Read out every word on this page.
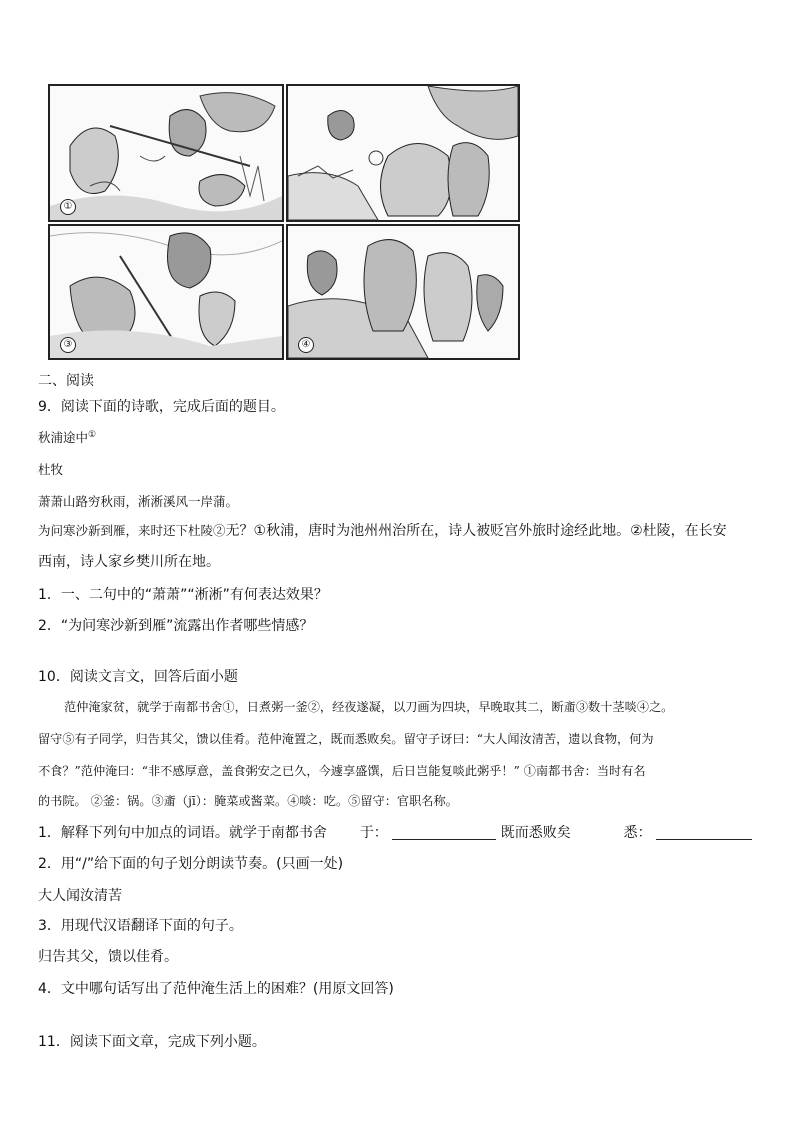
①
③	④
二、阅读
9．阅读下面的诗歌，完成后面的题目。
秋浦途中①
杜牧
萧萧山路穷秋雨，淅淅溪风一岸蒲。
为问寒沙新到雁，来时还下杜陵②无？①秋浦，唐时为池州州治所在，诗人被贬宫外旅时途经此地。②杜陵，在长安
西南，诗人家乡樊川所在地。
1．一、二句中的“萧萧”“淅淅”有何表达效果？
2．“为问寒沙新到雁”流露出作者哪些情感？
10．阅读文言文，回答后面小题
范仲淹家贫，就学于南都书舍①，日煮粥一釜②，经夜遂凝，以刀画为四块，早晚取其二，断齑③数十茎啖④之。
留守⑤有子同学，归告其父，馈以佳肴。范仲淹置之，既而悉败矣。留守子讶曰：“大人闻汝清苦，遗以食物，何为
不食？”范仲淹曰：“非不感厚意，盖食粥安之已久，今遽享盛馔，后日岂能复啖此粥乎！” ①南都书舍：当时有名
的书院。 ②釜：锅。③齑（jī）：腌菜或酱菜。④啖：吃。⑤留守：官职名称。
1．解释下列句中加点的词语。就学于南都书舍 于：	既而悉败矣	悉：
2．用“/”给下面的句子划分朗读节奏。(只画一处)
大人闻汝清苦
3．用现代汉语翻译下面的句子。
归告其父，馈以佳肴。
4．文中哪句话写出了范仲淹生活上的困难？(用原文回答)
11．阅读下面文章，完成下列小题。
